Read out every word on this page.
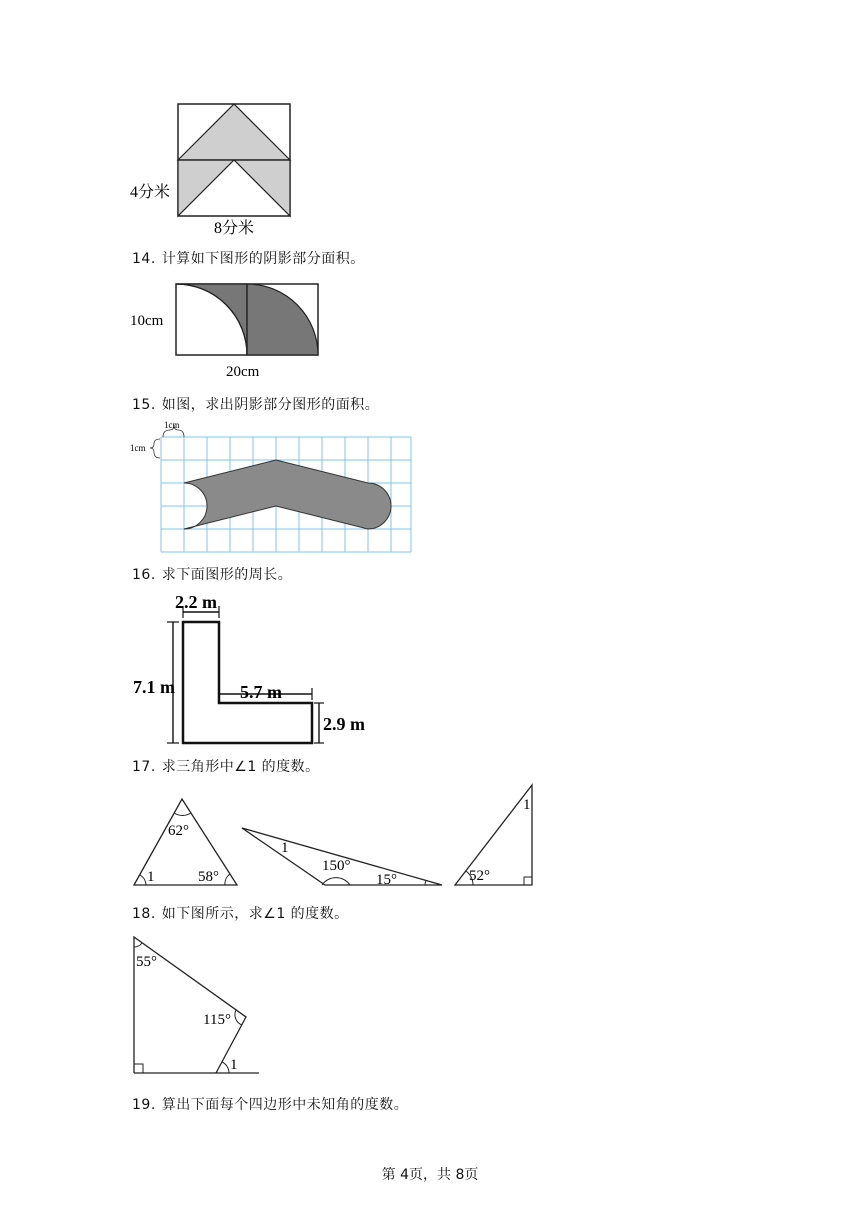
4分米
8分米
14. 计算如下图形的阴影部分面积。
10cm
20cm
15. 如图，求出阴影部分图形的面积。
1cm
1cm
16. 求下面图形的周长。
2.2 m
7.1 m	5.7 m
2.9 m
17. 求三角形中∠1 的度数。
62°
1	58°
1
150°
15°
1
52°
18. 如下图所示，求∠1 的度数。
55°
115°
1
19. 算出下面每个四边形中未知角的度数。
第 4页，共 8页
